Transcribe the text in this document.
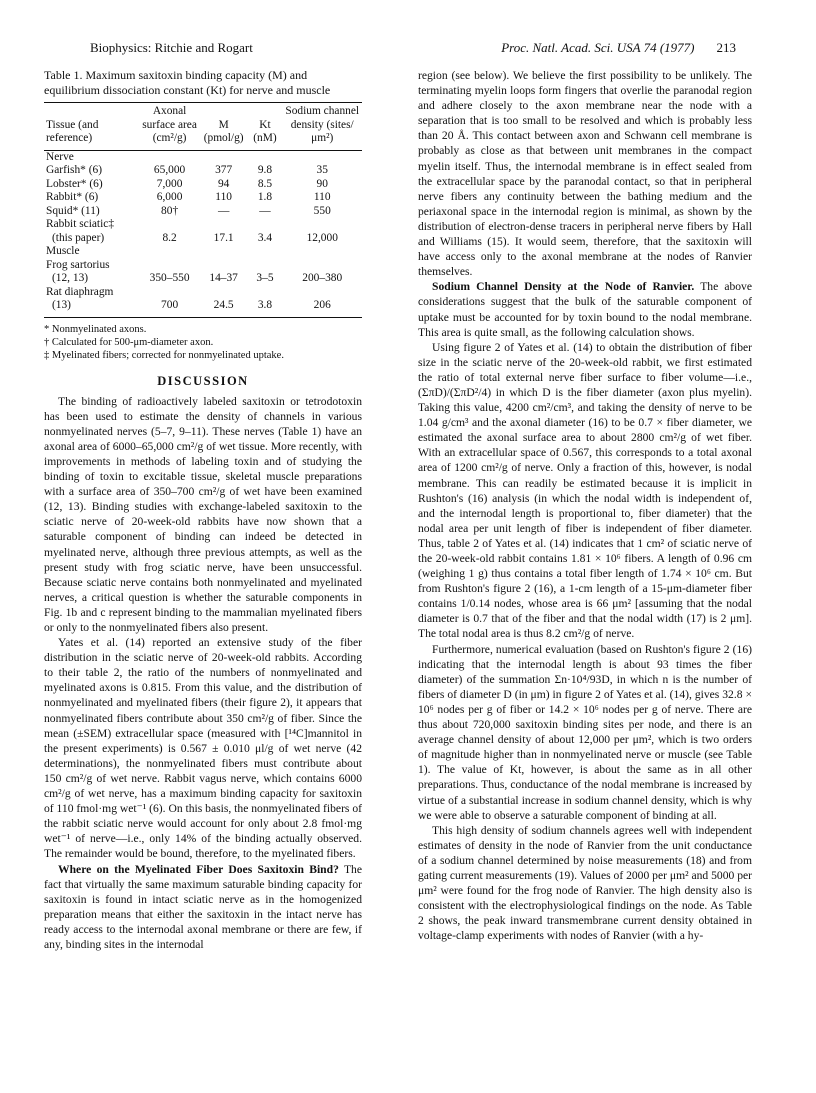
Biophysics: Ritchie and Rogart	Proc. Natl. Acad. Sci. USA 74 (1977) 213

Table 1. Maximum saxitoxin binding capacity (M) and equilibrium dissociation constant (Kt) for nerve and muscle

Tissue (and reference)	Axonal surface area (cm²/g)	M (pmol/g)	Kt (nM)	Sodium channel density (sites/μm²)
Nerve				
Garfish* (6)	65,000	377	9.8	35
Lobster* (6)	7,000	94	8.5	90
Rabbit* (6)	6,000	110	1.8	110
Squid* (11)	80†	—	—	550

Rabbit sciatic‡
(this paper)	8.2	17.1	3.4	12,000
Muscle				

Frog sartorius
(12, 13)	350–550	14–37	3–5	200–380

Rat diaphragm
(13)	700	24.5	3.8	206

* Nonmyelinated axons.

† Calculated for 500-μm-diameter axon.

‡ Myelinated fibers; corrected for nonmyelinated uptake.

DISCUSSION

The binding of radioactively labeled saxitoxin or tetrodotoxin has been used to estimate the density of channels in various nonmyelinated nerves (5–7, 9–11). These nerves (Table 1) have an axonal area of 6000–65,000 cm²/g of wet tissue. More recently, with improvements in methods of labeling toxin and of studying the binding of toxin to excitable tissue, skeletal muscle preparations with a surface area of 350–700 cm²/g of wet have been examined (12, 13). Binding studies with exchange-labeled saxitoxin to the sciatic nerve of 20-week-old rabbits have now shown that a saturable component of binding can indeed be detected in myelinated nerve, although three previous attempts, as well as the present study with frog sciatic nerve, have been unsuccessful. Because sciatic nerve contains both nonmyelinated and myelinated nerves, a critical question is whether the saturable components in Fig. 1b and c represent binding to the mammalian myelinated fibers or only to the nonmyelinated fibers also present.

Yates et al. (14) reported an extensive study of the fiber distribution in the sciatic nerve of 20-week-old rabbits. According to their table 2, the ratio of the numbers of nonmyelinated and myelinated axons is 0.815. From this value, and the distribution of nonmyelinated and myelinated fibers (their figure 2), it appears that nonmyelinated fibers contribute about 350 cm²/g of fiber. Since the mean (±SEM) extracellular space (measured with [¹⁴C]mannitol in the present experiments) is 0.567 ± 0.010 μl/g of wet nerve (42 determinations), the nonmyelinated fibers must contribute about 150 cm²/g of wet nerve. Rabbit vagus nerve, which contains 6000 cm²/g of wet nerve, has a maximum binding capacity for saxitoxin of 110 fmol·mg wet⁻¹ (6). On this basis, the nonmyelinated fibers of the rabbit sciatic nerve would account for only about 2.8 fmol·mg wet⁻¹ of nerve—i.e., only 14% of the binding actually observed. The remainder would be bound, therefore, to the myelinated fibers.

Where on the Myelinated Fiber Does Saxitoxin Bind? The fact that virtually the same maximum saturable binding capacity for saxitoxin is found in intact sciatic nerve as in the homogenized preparation means that either the saxitoxin in the intact nerve has ready access to the internodal axonal membrane or there are few, if any, binding sites in the internodal

region (see below). We believe the first possibility to be unlikely. The terminating myelin loops form fingers that overlie the paranodal region and adhere closely to the axon membrane near the node with a separation that is too small to be resolved and which is probably less than 20 Å. This contact between axon and Schwann cell membrane is probably as close as that between unit membranes in the compact myelin itself. Thus, the internodal membrane is in effect sealed from the extracellular space by the paranodal contact, so that in peripheral nerve fibers any continuity between the bathing medium and the periaxonal space in the internodal region is minimal, as shown by the distribution of electron-dense tracers in peripheral nerve fibers by Hall and Williams (15). It would seem, therefore, that the saxitoxin will have access only to the axonal membrane at the nodes of Ranvier themselves.

Sodium Channel Density at the Node of Ranvier. The above considerations suggest that the bulk of the saturable component of uptake must be accounted for by toxin bound to the nodal membrane. This area is quite small, as the following calculation shows.

Using figure 2 of Yates et al. (14) to obtain the distribution of fiber size in the sciatic nerve of the 20-week-old rabbit, we first estimated the ratio of total external nerve fiber surface to fiber volume—i.e., (ΣπD)/(ΣπD²/4) in which D is the fiber diameter (axon plus myelin). Taking this value, 4200 cm²/cm³, and taking the density of nerve to be 1.04 g/cm³ and the axonal diameter (16) to be 0.7 × fiber diameter, we estimated the axonal surface area to about 2800 cm²/g of wet fiber. With an extracellular space of 0.567, this corresponds to a total axonal area of 1200 cm²/g of nerve. Only a fraction of this, however, is nodal membrane. This can readily be estimated because it is implicit in Rushton's (16) analysis (in which the nodal width is independent of, and the internodal length is proportional to, fiber diameter) that the nodal area per unit length of fiber is independent of fiber diameter. Thus, table 2 of Yates et al. (14) indicates that 1 cm² of sciatic nerve of the 20-week-old rabbit contains 1.81 × 10⁶ fibers. A length of 0.96 cm (weighing 1 g) thus contains a total fiber length of 1.74 × 10⁶ cm. But from Rushton's figure 2 (16), a 1-cm length of a 15-μm-diameter fiber contains 1/0.14 nodes, whose area is 66 μm² [assuming that the nodal diameter is 0.7 that of the fiber and that the nodal width (17) is 2 μm]. The total nodal area is thus 8.2 cm²/g of nerve.

Furthermore, numerical evaluation (based on Rushton's figure 2 (16) indicating that the internodal length is about 93 times the fiber diameter) of the summation Σn·10⁴/93D, in which n is the number of fibers of diameter D (in μm) in figure 2 of Yates et al. (14), gives 32.8 × 10⁶ nodes per g of fiber or 14.2 × 10⁶ nodes per g of nerve. There are thus about 720,000 saxitoxin binding sites per node, and there is an average channel density of about 12,000 per μm², which is two orders of magnitude higher than in nonmyelinated nerve or muscle (see Table 1). The value of Kt, however, is about the same as in all other preparations. Thus, conductance of the nodal membrane is increased by virtue of a substantial increase in sodium channel density, which is why we were able to observe a saturable component of binding at all.

This high density of sodium channels agrees well with independent estimates of density in the node of Ranvier from the unit conductance of a sodium channel determined by noise measurements (18) and from gating current measurements (19). Values of 2000 per μm² and 5000 per μm² were found for the frog node of Ranvier. The high density also is consistent with the electrophysiological findings on the node. As Table 2 shows, the peak inward transmembrane current density obtained in voltage-clamp experiments with nodes of Ranvier (with a hy-
